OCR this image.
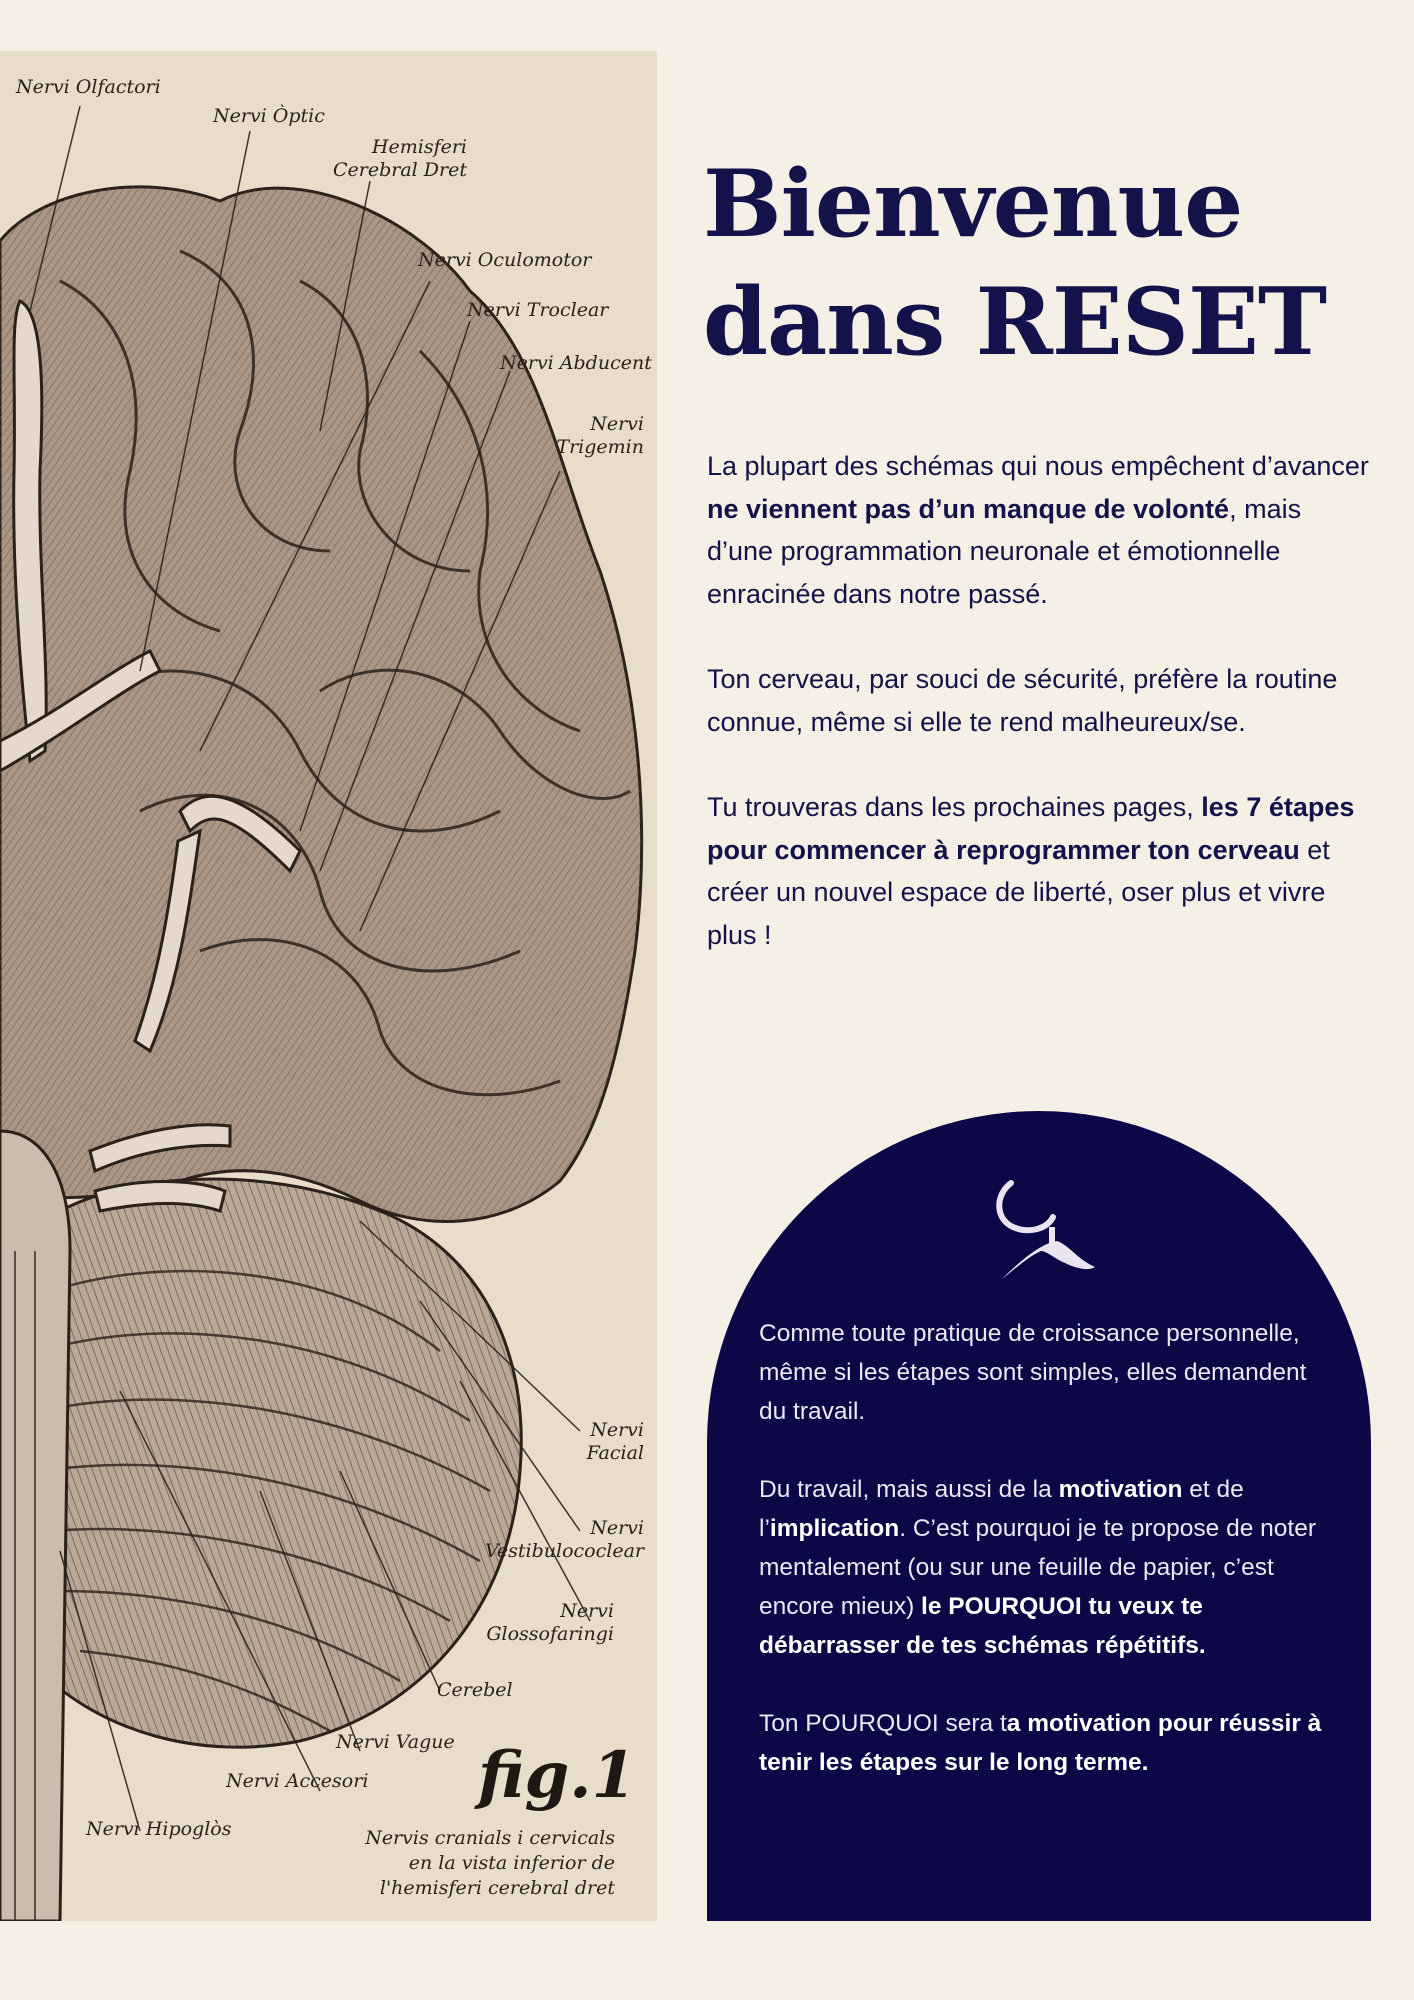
Nervi Olfactori
Nervi Òptic
Hemisferi
Cerebral Dret
Nervi Oculomotor
Nervi Troclear
Nervi Abducent
Nervi
Trigemin
Nervi
Facial
Nervi
Vestibulococlear
Nervi
Glossofaringi
Cerebel
Nervi Vague
Nervi Accesori
Nervi Hipoglòs
fig.1
Nervis cranials i cervicals
en la vista inferior de
l'hemisferi cerebral dret
Bienvenue
dans RESET

La plupart des schémas qui nous empêchent d’avancer ne viennent pas d’un manque de volonté, mais d’une programmation neuronale et émotionnelle enracinée dans notre passé.

Ton cerveau, par souci de sécurité, préfère la routine connue, même si elle te rend malheureux/se.

Tu trouveras dans les prochaines pages, les 7 étapes pour commencer à reprogrammer ton cerveau et créer un nouvel espace de liberté, oser plus et vivre plus !

Comme toute pratique de croissance personnelle, même si les étapes sont simples, elles demandent du travail.

Du travail, mais aussi de la motivation et de l’implication. C’est pourquoi je te propose de noter mentalement (ou sur une feuille de papier, c’est encore mieux) le POURQUOI tu veux te débarrasser de tes schémas répétitifs.

Ton POURQUOI sera ta motivation pour réussir à tenir les étapes sur le long terme.
